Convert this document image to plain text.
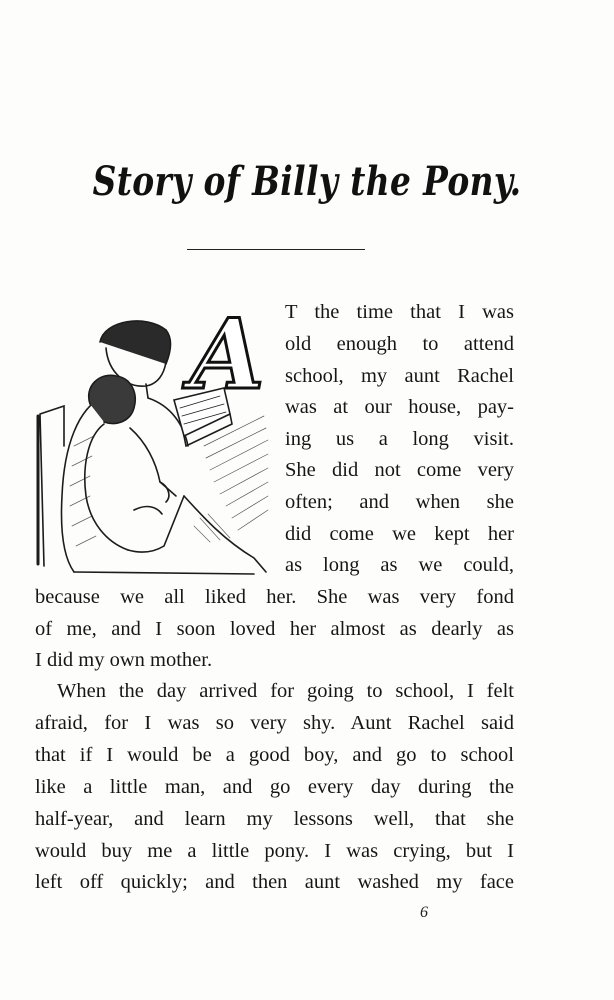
Story of Billy the Pony.
A T the time that I was
old enough to attend
school, my aunt Rachel
was at our house, pay-
ing us a long visit.
She did not come very
often; and when she
did come we kept her
as long as we could,
because we all liked her. She was very fond
of me, and I soon loved her almost as dearly as
I did my own mother.
When the day arrived for going to school, I felt
afraid, for I was so very shy. Aunt Rachel said
that if I would be a good boy, and go to school
like a little man, and go every day during the
half-year, and learn my lessons well, that she
would buy me a little pony. I was crying, but I
left off quickly; and then aunt washed my face
6
